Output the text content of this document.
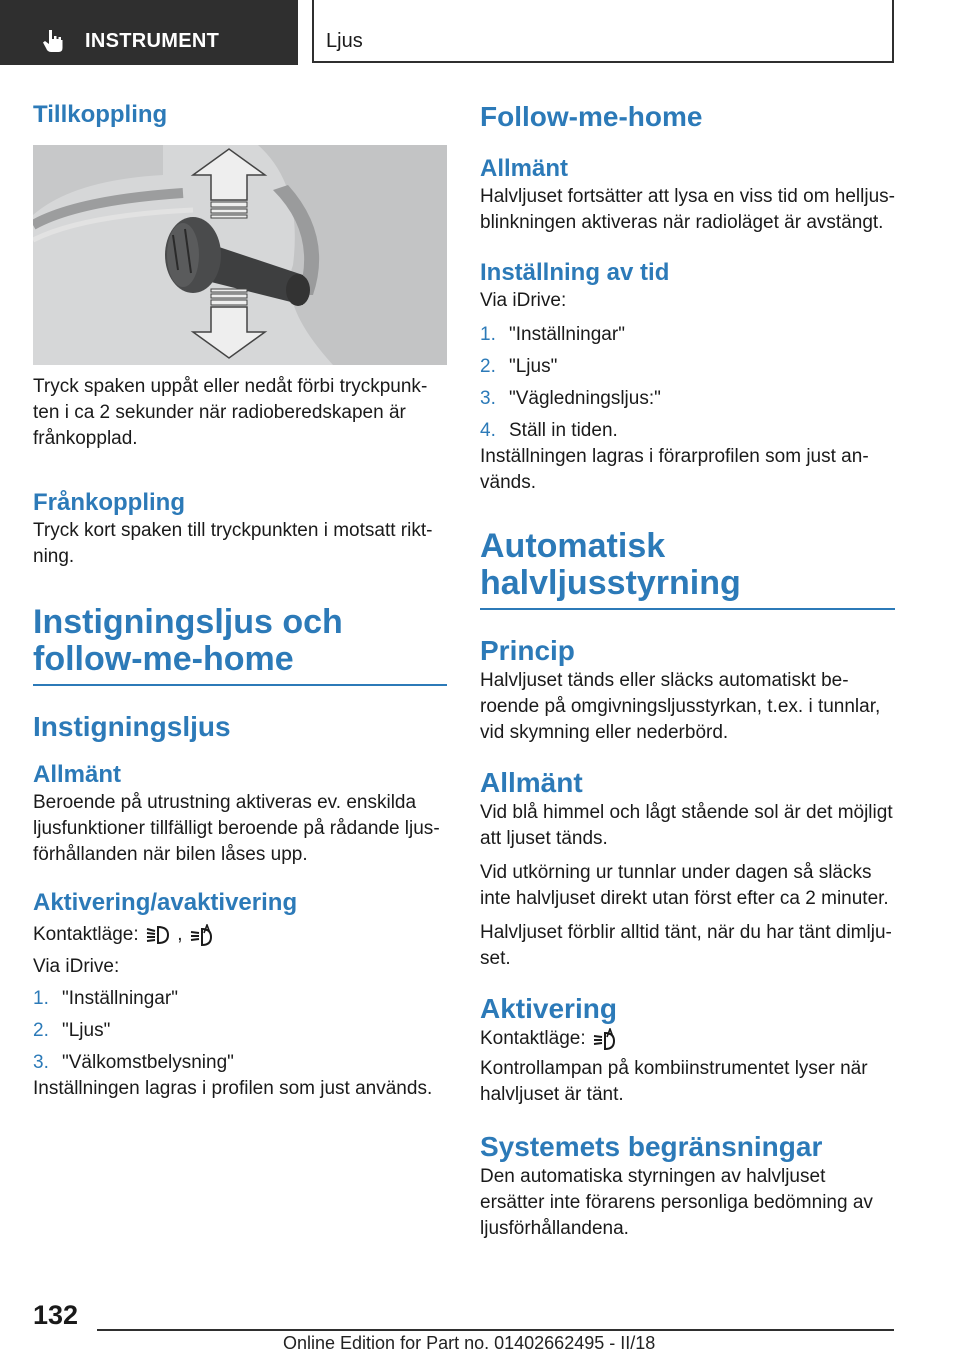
INSTRUMENT	Ljus
Tillkoppling

Tryck spaken uppåt eller nedåt förbi tryckpunkten i ca 2 sekunder när radioberedskapen är frånkopplad.

Frånkoppling

Tryck kort spaken till tryckpunkten i motsatt riktning.

Instigningsljus och follow-me-home
Instigningsljus
Allmänt

Beroende på utrustning aktiveras ev. enskilda ljusfunktioner tillfälligt beroende på rådande ljusförhållanden när bilen låses upp.

Aktivering/avaktivering

Kontaktläge: ,

Via iDrive:

1. "Inställningar"
2. "Ljus"
3. "Välkomstbelysning"

Inställningen lagras i profilen som just används.

Follow-me-home
Allmänt

Halvljuset fortsätter att lysa en viss tid om helljusblinkningen aktiveras när radioläget är avstängt.

Inställning av tid

Via iDrive:

1. "Inställningar"
2. "Ljus"
3. "Vägledningsljus:"
4. Ställ in tiden.

Inställningen lagras i förarprofilen som just används.

Automatisk halvljusstyrning
Princip

Halvljuset tänds eller släcks automatiskt beroende på omgivningsljusstyrkan, t.ex. i tunnlar, vid skymning eller nederbörd.

Allmänt

Vid blå himmel och lågt stående sol är det möjligt att ljuset tänds.

Vid utkörning ur tunnlar under dagen så släcks inte halvljuset direkt utan först efter ca 2 minuter.

Halvljuset förblir alltid tänt, när du har tänt dimljuset.

Aktivering

Kontaktläge:

Kontrollampan på kombiinstrumentet lyser när halvljuset är tänt.

Systemets begränsningar

Den automatiska styrningen av halvljuset ersätter inte förarens personliga bedömning av ljusförhållandena.

132
Online Edition for Part no. 01402662495 - II/18
